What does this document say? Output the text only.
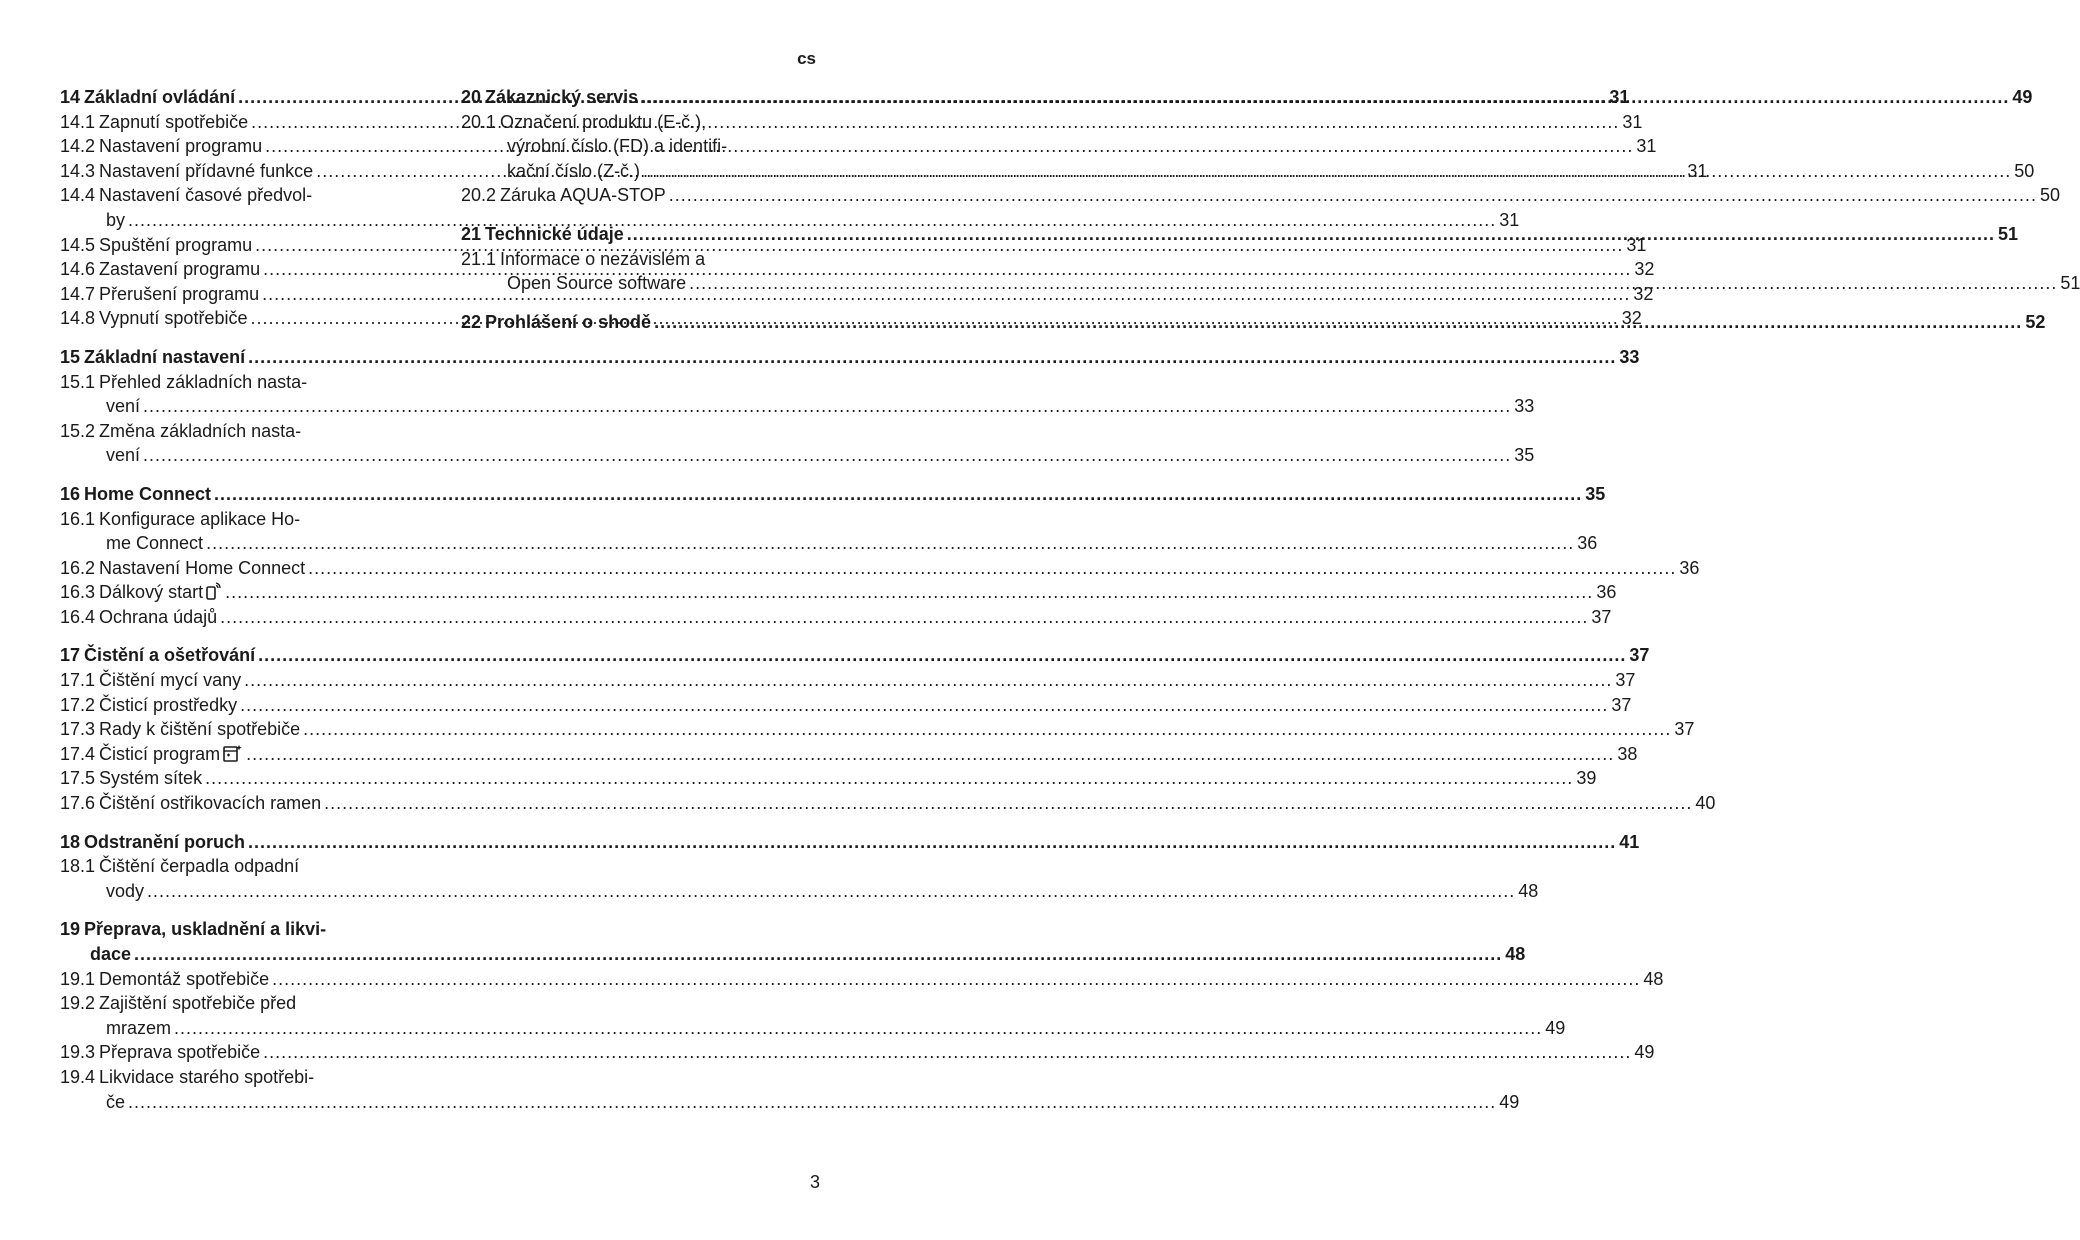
cs
14 Základní ovládání .....	31
14.1 Zapnutí spotřebiče .....	31
14.2 Nastavení programu .....	31
14.3 Nastavení přídavné funkce .....	31
14.4 Nastavení časové předvol-
by .....	31
14.5 Spuštění programu .....	31
14.6 Zastavení programu .....	32
14.7 Přerušení programu .....	32
14.8 Vypnutí spotřebiče .....	32
15 Základní nastavení .....	33
15.1 Přehled základních nasta-
vení .....	33
15.2 Změna základních nasta-
vení .....	35
16 Home Connect .....	35
16.1 Konfigurace aplikace Ho-
me Connect .....	36
16.2 Nastavení Home Connect .....	36
16.3 Dálkový start .....	36
16.4 Ochrana údajů .....	37
17 Čistění a ošetřování .....	37
17.1 Čištění mycí vany .....	37
17.2 Čisticí prostředky .....	37
17.3 Rady k čištění spotřebiče .....	37
17.4 Čisticí program .....	38
17.5 Systém sítek .....	39
17.6 Čištění ostřikovacích ramen .....	40
18 Odstranění poruch .....	41
18.1 Čištění čerpadla odpadní
vody .....	48
19 Přeprava, uskladnění a likvi-
dace .....	48
19.1 Demontáž spotřebiče .....	48
19.2 Zajištění spotřebiče před
mrazem .....	49
19.3 Přeprava spotřebiče .....	49
19.4 Likvidace starého spotřebi-
če .....	49
20 Zákaznický servis .....	49
20.1 Označení produktu (E-č.),
výrobní číslo (FD) a identifi-
kační číslo (Z-č.) .....	50
20.2 Záruka AQUA-STOP .....	50
21 Technické údaje .....	51
21.1 Informace o nezávislém a
Open Source software .....	51
22 Prohlášení o shodě .....	52
3
